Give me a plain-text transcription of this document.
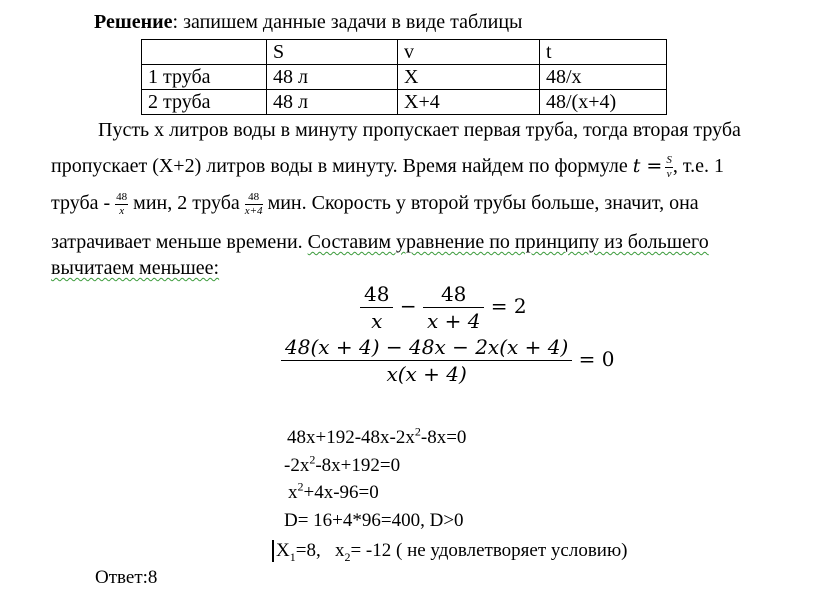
Решение: запишем данные задачи в виде таблицы
	S	v	t
1 труба	48 л	X	48/x
2 труба	48 л	X+4	48/(x+4)
Пусть х литров воды в минуту пропускает первая труба, тогда вторая труба
пропускает (Х+2) литров воды в минуту. Время найдем по формуле $t = \frac{S}{v}$ , т.е. 1
труба - $\frac{48}{x}$ мин, 2 труба $\frac{48}{x+4}$ мин. Скорость у второй трубы больше, значит, она
затрачивает меньше времени. Составим уравнение по принципу из большего
вычитаем меньшее:
$\frac{48}{x} - \frac{48}{x + 4} = 2$
$\frac{48(x + 4) - 48x - 2x(x + 4)}{x(x + 4)} = 0$
$48x+192-48x-2x^2-8x=0$
$-2x^2-8x+192=0$
$x^2+4x-96=0$
D= 16+4*96=400, D>0
$X_1=8$,   $x_2= -12$ ( не удовлетворяет условию)
Ответ:8
